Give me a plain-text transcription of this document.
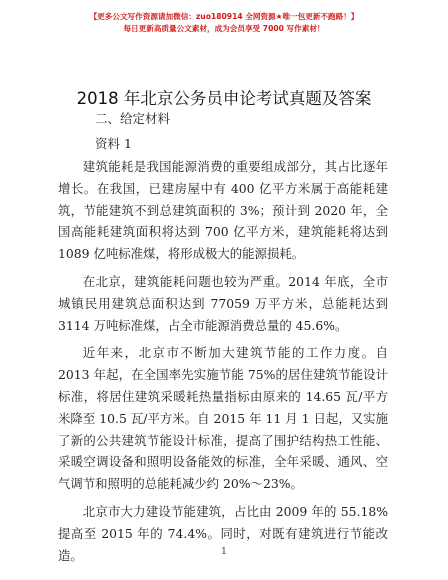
【更多公文写作资源请加微信：zuo180914 全网资源★唯一包更新不跑路！】
每日更新高质量公文素材，成为会员享受 7000 写作素材！
2018 年北京公务员申论考试真题及答案
二、给定材料
资料 1

建筑能耗是我国能源消费的重要组成部分，其占比逐年增长。在我国，已建房屋中有 400 亿平方米属于高能耗建筑，节能建筑不到总建筑面积的 3%；预计到 2020 年，全国高能耗建筑面积将达到 700 亿平方米，建筑能耗将达到 1089 亿吨标准煤，将形成极大的能源损耗。

在北京，建筑能耗问题也较为严重。2014 年底，全市城镇民用建筑总面积达到 77059 万平方米，总能耗达到 3114 万吨标准煤，占全市能源消费总量的 45.6%。

近年来，北京市不断加大建筑节能的工作力度。自 2013 年起，在全国率先实施节能 75%的居住建筑节能设计标准，将居住建筑采暖耗热量指标由原来的 14.65 瓦/平方米降至 10.5 瓦/平方米。自 2015 年 11 月 1 日起，又实施了新的公共建筑节能设计标准，提高了围护结构热工性能、采暖空调设备和照明设备能效的标准，全年采暖、通风、空气调节和照明的总能耗减少约 20%～23%。

北京市大力建设节能建筑，占比由 2009 年的 55.18%提高至 2015 年的 74.4%。同时，对既有建筑进行节能改造。	1
